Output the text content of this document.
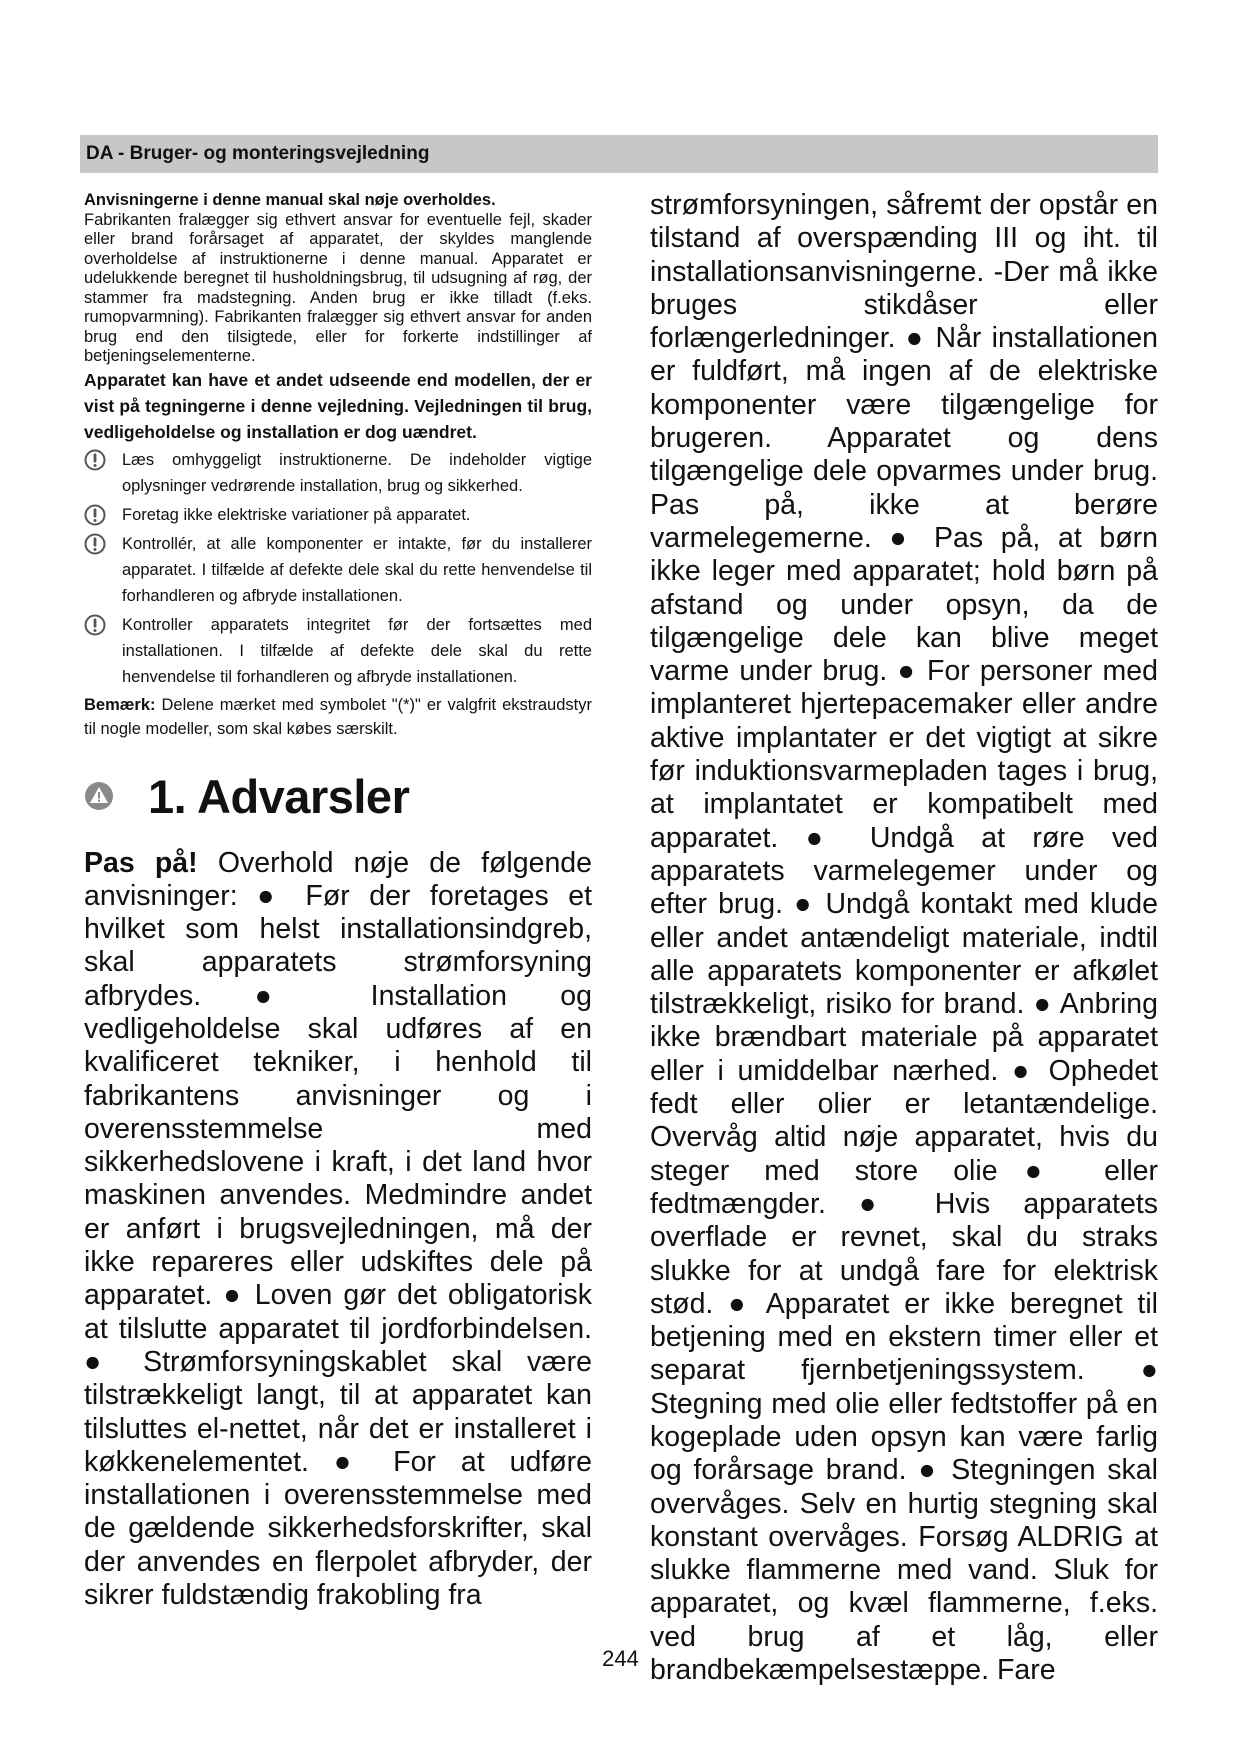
DA - Bruger- og monteringsvejledning

Anvisningerne i denne manual skal nøje overholdes.

Fabrikanten fralægger sig ethvert ansvar for eventuelle fejl, skader eller brand forårsaget af apparatet, der skyldes manglende overholdelse af instruktionerne i denne manual. Apparatet er udelukkende beregnet til husholdningsbrug, til udsugning af røg, der stammer fra madstegning. Anden brug er ikke tilladt (f.eks. rumopvarmning). Fabrikanten fralægger sig ethvert ansvar for anden brug end den tilsigtede, eller for forkerte indstillinger af betjeningselementerne.

Apparatet kan have et andet udseende end modellen, der er vist på tegningerne i denne vejledning. Vejledningen til brug, vedligeholdelse og installation er dog uændret.

Læs omhyggeligt instruktionerne. De indeholder vigtige oplysninger vedrørende installation, brug og sikkerhed.
Foretag ikke elektriske variationer på apparatet.
Kontrollér, at alle komponenter er intakte, før du installerer apparatet. I tilfælde af defekte dele skal du rette henvendelse til forhandleren og afbryde installationen.
Kontroller apparatets integritet før der fortsættes med installationen. I tilfælde af defekte dele skal du rette henvendelse til forhandleren og afbryde installationen.
Bemærk: Delene mærket med symbolet "(*)" er valgfrit ekstraudstyr til nogle modeller, som skal købes særskilt.
1. Advarsler

Pas på! Overhold nøje de følgende anvisninger: ● Før der foretages et hvilket som helst installationsindgreb, skal apparatets strømforsyning afbrydes. ● Installation og vedligeholdelse skal udføres af en kvalificeret tekniker, i henhold til fabrikantens anvisninger og i overensstemmelse med sikkerhedslovene i kraft, i det land hvor maskinen anvendes. Medmindre andet er anført i brugsvejledningen, må der ikke repareres eller udskiftes dele på apparatet. ● Loven gør det obligatorisk at tilslutte apparatet til jordforbindelsen. ● Strømforsyningskablet skal være tilstrækkeligt langt, til at apparatet kan tilsluttes el-nettet, når det er installeret i køkkenelementet. ● For at udføre installationen i overensstemmelse med de gældende sikkerhedsforskrifter, skal der anvendes en flerpolet afbryder, der sikrer fuldstændig frakobling fra

strømforsyningen, såfremt der opstår en tilstand af overspænding III og iht. til installationsanvisningerne. -Der må ikke bruges stikdåser eller forlængerledninger. ● Når installationen er fuldført, må ingen af de elektriske komponenter være tilgængelige for brugeren. Apparatet og dens tilgængelige dele opvarmes under brug. Pas på, ikke at berøre varmelegemerne. ● Pas på, at børn ikke leger med apparatet; hold børn på afstand og under opsyn, da de tilgængelige dele kan blive meget varme under brug. ● For personer med implanteret hjertepacemaker eller andre aktive implantater er det vigtigt at sikre før induktionsvarmepladen tages i brug, at implantatet er kompatibelt med apparatet. ● Undgå at røre ved apparatets varmelegemer under og efter brug. ● Undgå kontakt med klude eller andet antændeligt materiale, indtil alle apparatets komponenter er afkølet tilstrækkeligt, risiko for brand. ● Anbring ikke brændbart materiale på apparatet eller i umiddelbar nærhed. ● Ophedet fedt eller olier er letantændelige. Overvåg altid nøje apparatet, hvis du steger med store olie● eller fedtmængder. ● Hvis apparatets overflade er revnet, skal du straks slukke for at undgå fare for elektrisk stød. ● Apparatet er ikke beregnet til betjening med en ekstern timer eller et separat fjernbetjeningssystem. ● Stegning med olie eller fedtstoffer på en kogeplade uden opsyn kan være farlig og forårsage brand. ● Stegningen skal overvåges. Selv en hurtig stegning skal konstant overvåges. Forsøg ALDRIG at slukke flammerne med vand. Sluk for apparatet, og kvæl flammerne, f.eks. ved brug af et låg, eller brandbekæmpelsestæppe. Fare

244
